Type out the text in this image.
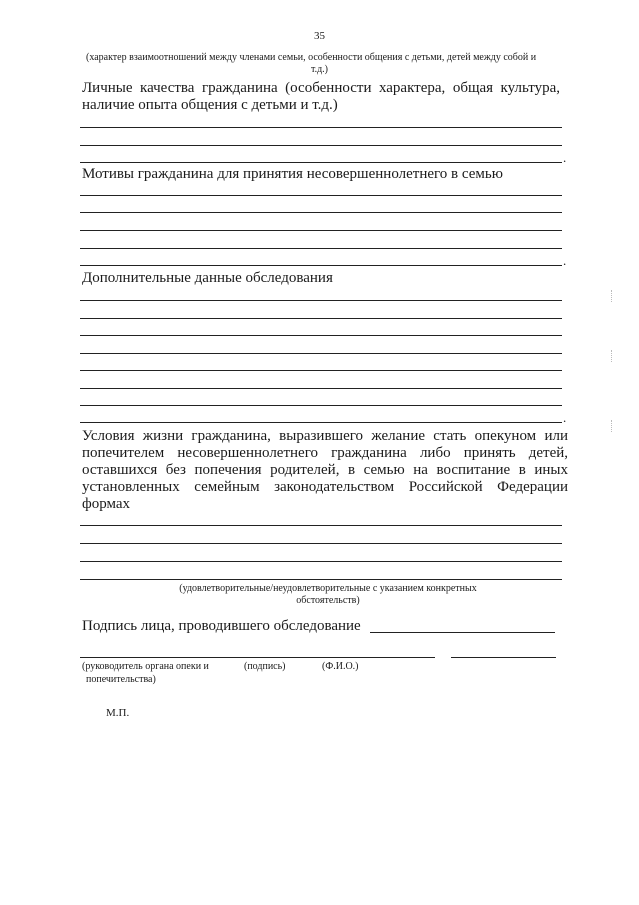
35
(характер взаимоотношений между членами семьи, особенности общения с детьми, детей между собой и
т.д.)
Личные качества гражданина (особенности характера, общая культура,
наличие опыта общения с детьми и т.д.)
.
Мотивы гражданина для принятия несовершеннолетнего в семью
.
Дополнительные данные обследования
.
Условия жизни гражданина, выразившего желание стать опекуном или
попечителем несовершеннолетнего гражданина либо принять детей,
оставшихся без попечения родителей, в семью на воспитание в иных
установленных семейным законодательством Российской Федерации
формах
(удовлетворительные/неудовлетворительные с указанием конкретных
обстоятельств)
Подпись лица, проводившего обследование
(руководитель органа опеки и
попечительства)
(подпись)	(Ф.И.О.)
М.П.
